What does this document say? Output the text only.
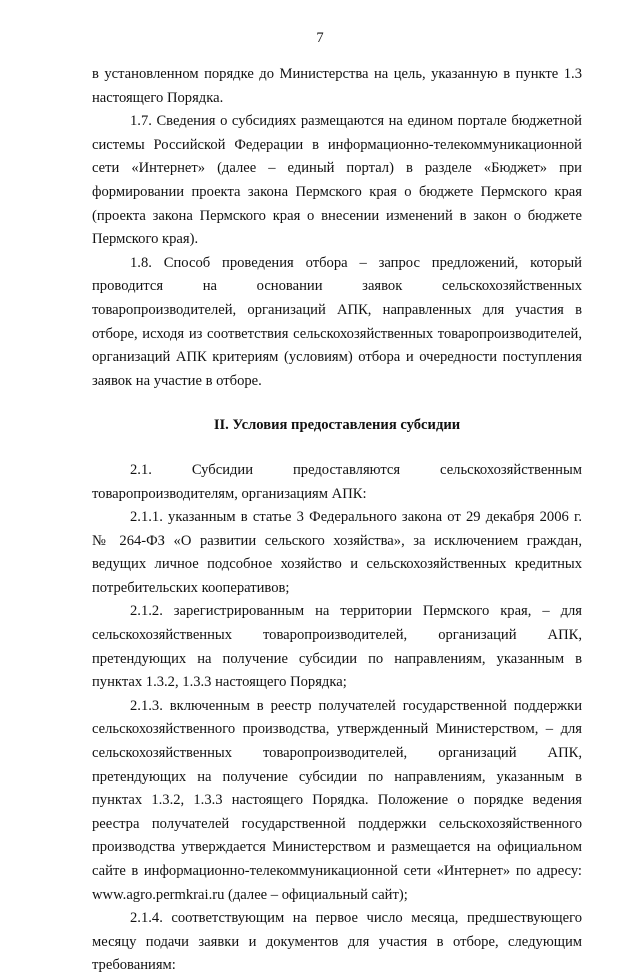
7

в установленном порядке до Министерства на цель, указанную в пункте 1.3 настоящего Порядка.

1.7. Сведения о субсидиях размещаются на едином портале бюджетной системы Российской Федерации в информационно-телекоммуникационной сети «Интернет» (далее – единый портал) в разделе «Бюджет» при формировании проекта закона Пермского края о бюджете Пермского края (проекта закона Пермского края о внесении изменений в закон о бюджете Пермского края).

1.8. Способ проведения отбора – запрос предложений, который проводится на основании заявок сельскохозяйственных товаропроизводителей, организаций АПК, направленных для участия в отборе, исходя из соответствия сельскохозяйственных товаропроизводителей, организаций АПК критериям (условиям) отбора и очередности поступления заявок на участие в отборе.

II. Условия предоставления субсидии

2.1. Субсидии предоставляются сельскохозяйственным товаропроизводителям, организациям АПК:

2.1.1. указанным в статье 3 Федерального закона от 29 декабря 2006 г. № 264-ФЗ «О развитии сельского хозяйства», за исключением граждан, ведущих личное подсобное хозяйство и сельскохозяйственных кредитных потребительских кооперативов;

2.1.2. зарегистрированным на территории Пермского края, – для сельскохозяйственных товаропроизводителей, организаций АПК, претендующих на получение субсидии по направлениям, указанным в пунктах 1.3.2, 1.3.3 настоящего Порядка;

2.1.3. включенным в реестр получателей государственной поддержки сельскохозяйственного производства, утвержденный Министерством, – для сельскохозяйственных товаропроизводителей, организаций АПК, претендующих на получение субсидии по направлениям, указанным в пунктах 1.3.2, 1.3.3 настоящего Порядка. Положение о порядке ведения реестра получателей государственной поддержки сельскохозяйственного производства утверждается Министерством и размещается на официальном сайте в информационно-телекоммуникационной сети «Интернет» по адресу: www.agro.permkrai.ru (далее – официальный сайт);

2.1.4. соответствующим на первое число месяца, предшествующего месяцу подачи заявки и документов для участия в отборе, следующим требованиям:
